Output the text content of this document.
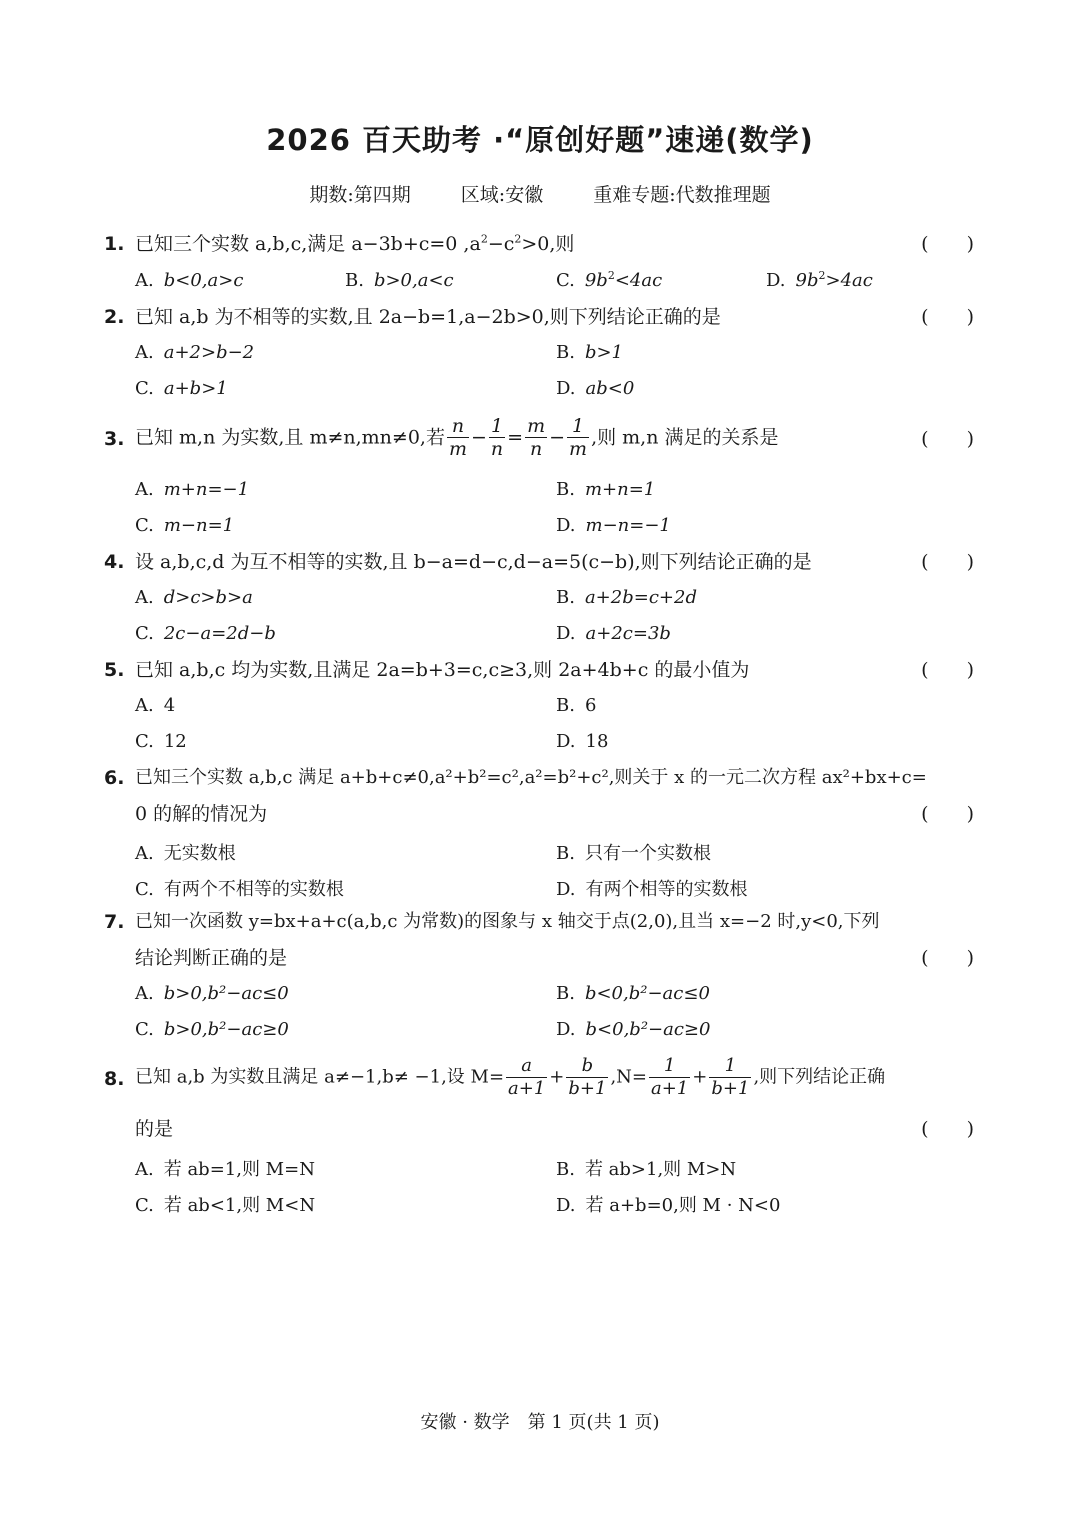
2026 百天助考 ·“原创好题”速递(数学)
期数:第四期	区域:安徽	重难专题:代数推理题
1. 已知三个实数 a,b,c,满足 a−3b+c=0 $,a^2-c^2>0$,则	(　　)
A. b<0,a>c	B. b>0,a<c	C. $9b^2<4ac$	D. $9b^2>4ac$
2. 已知 a,b 为不相等的实数,且 2a−b=1,a−2b>0,则下列结论正确的是	(　　)
A. a+2>b−2	B. b>1
C. a+b>1	D. ab<0
3. 已知 m,n 为实数,且 m≠n,mn≠0,若 $\frac{n}{m} - \frac{1}{n} = \frac{m}{n} - \frac{1}{m}$ ,则 m,n 满足的关系是	(　　)
A. m+n=−1	B. m+n=1
C. m−n=1	D. m−n=−1
4. 设 a,b,c,d 为互不相等的实数,且 b−a=d−c,d−a=5(c−b),则下列结论正确的是	(　　)
A. d>c>b>a	B. a+2b=c+2d
C. 2c−a=2d−b	D. a+2c=3b
5. 已知 a,b,c 均为实数,且满足 2a=b+3=c,c≥3,则 2a+4b+c 的最小值为	(　　)
A. 4	B. 6
C. 12	D. 18
6. 已知三个实数 a,b,c 满足 a+b+c≠0,a²+b²=c²,a²=b²+c²,则关于 x 的一元二次方程 ax²+bx+c=
0 的解的情况为	(　　)
A. 无实数根	B. 只有一个实数根
C. 有两个不相等的实数根	D. 有两个相等的实数根
7. 已知一次函数 y=bx+a+c(a,b,c 为常数)的图象与 x 轴交于点(2,0),且当 x=−2 时,y<0,下列
结论判断正确的是	(　　)
A. b>0,b²−ac≤0	B. b<0,b²−ac≤0
C. b>0,b²−ac≥0	D. b<0,b²−ac≥0
8. 已知 a,b 为实数且满足 a≠−1,b≠ −1,设 $M= \frac{a}{a+1} + \frac{b}{b+1} ,N= \frac{1}{a+1} + \frac{1}{b+1}$ ,则下列结论正确
的是	(　　)
A. 若 ab=1,则 M=N	B. 若 ab>1,则 M>N
C. 若 ab<1,则 M<N	D. 若 a+b=0,则 M · N<0
安徽 · 数学　第 1 页(共 1 页)
